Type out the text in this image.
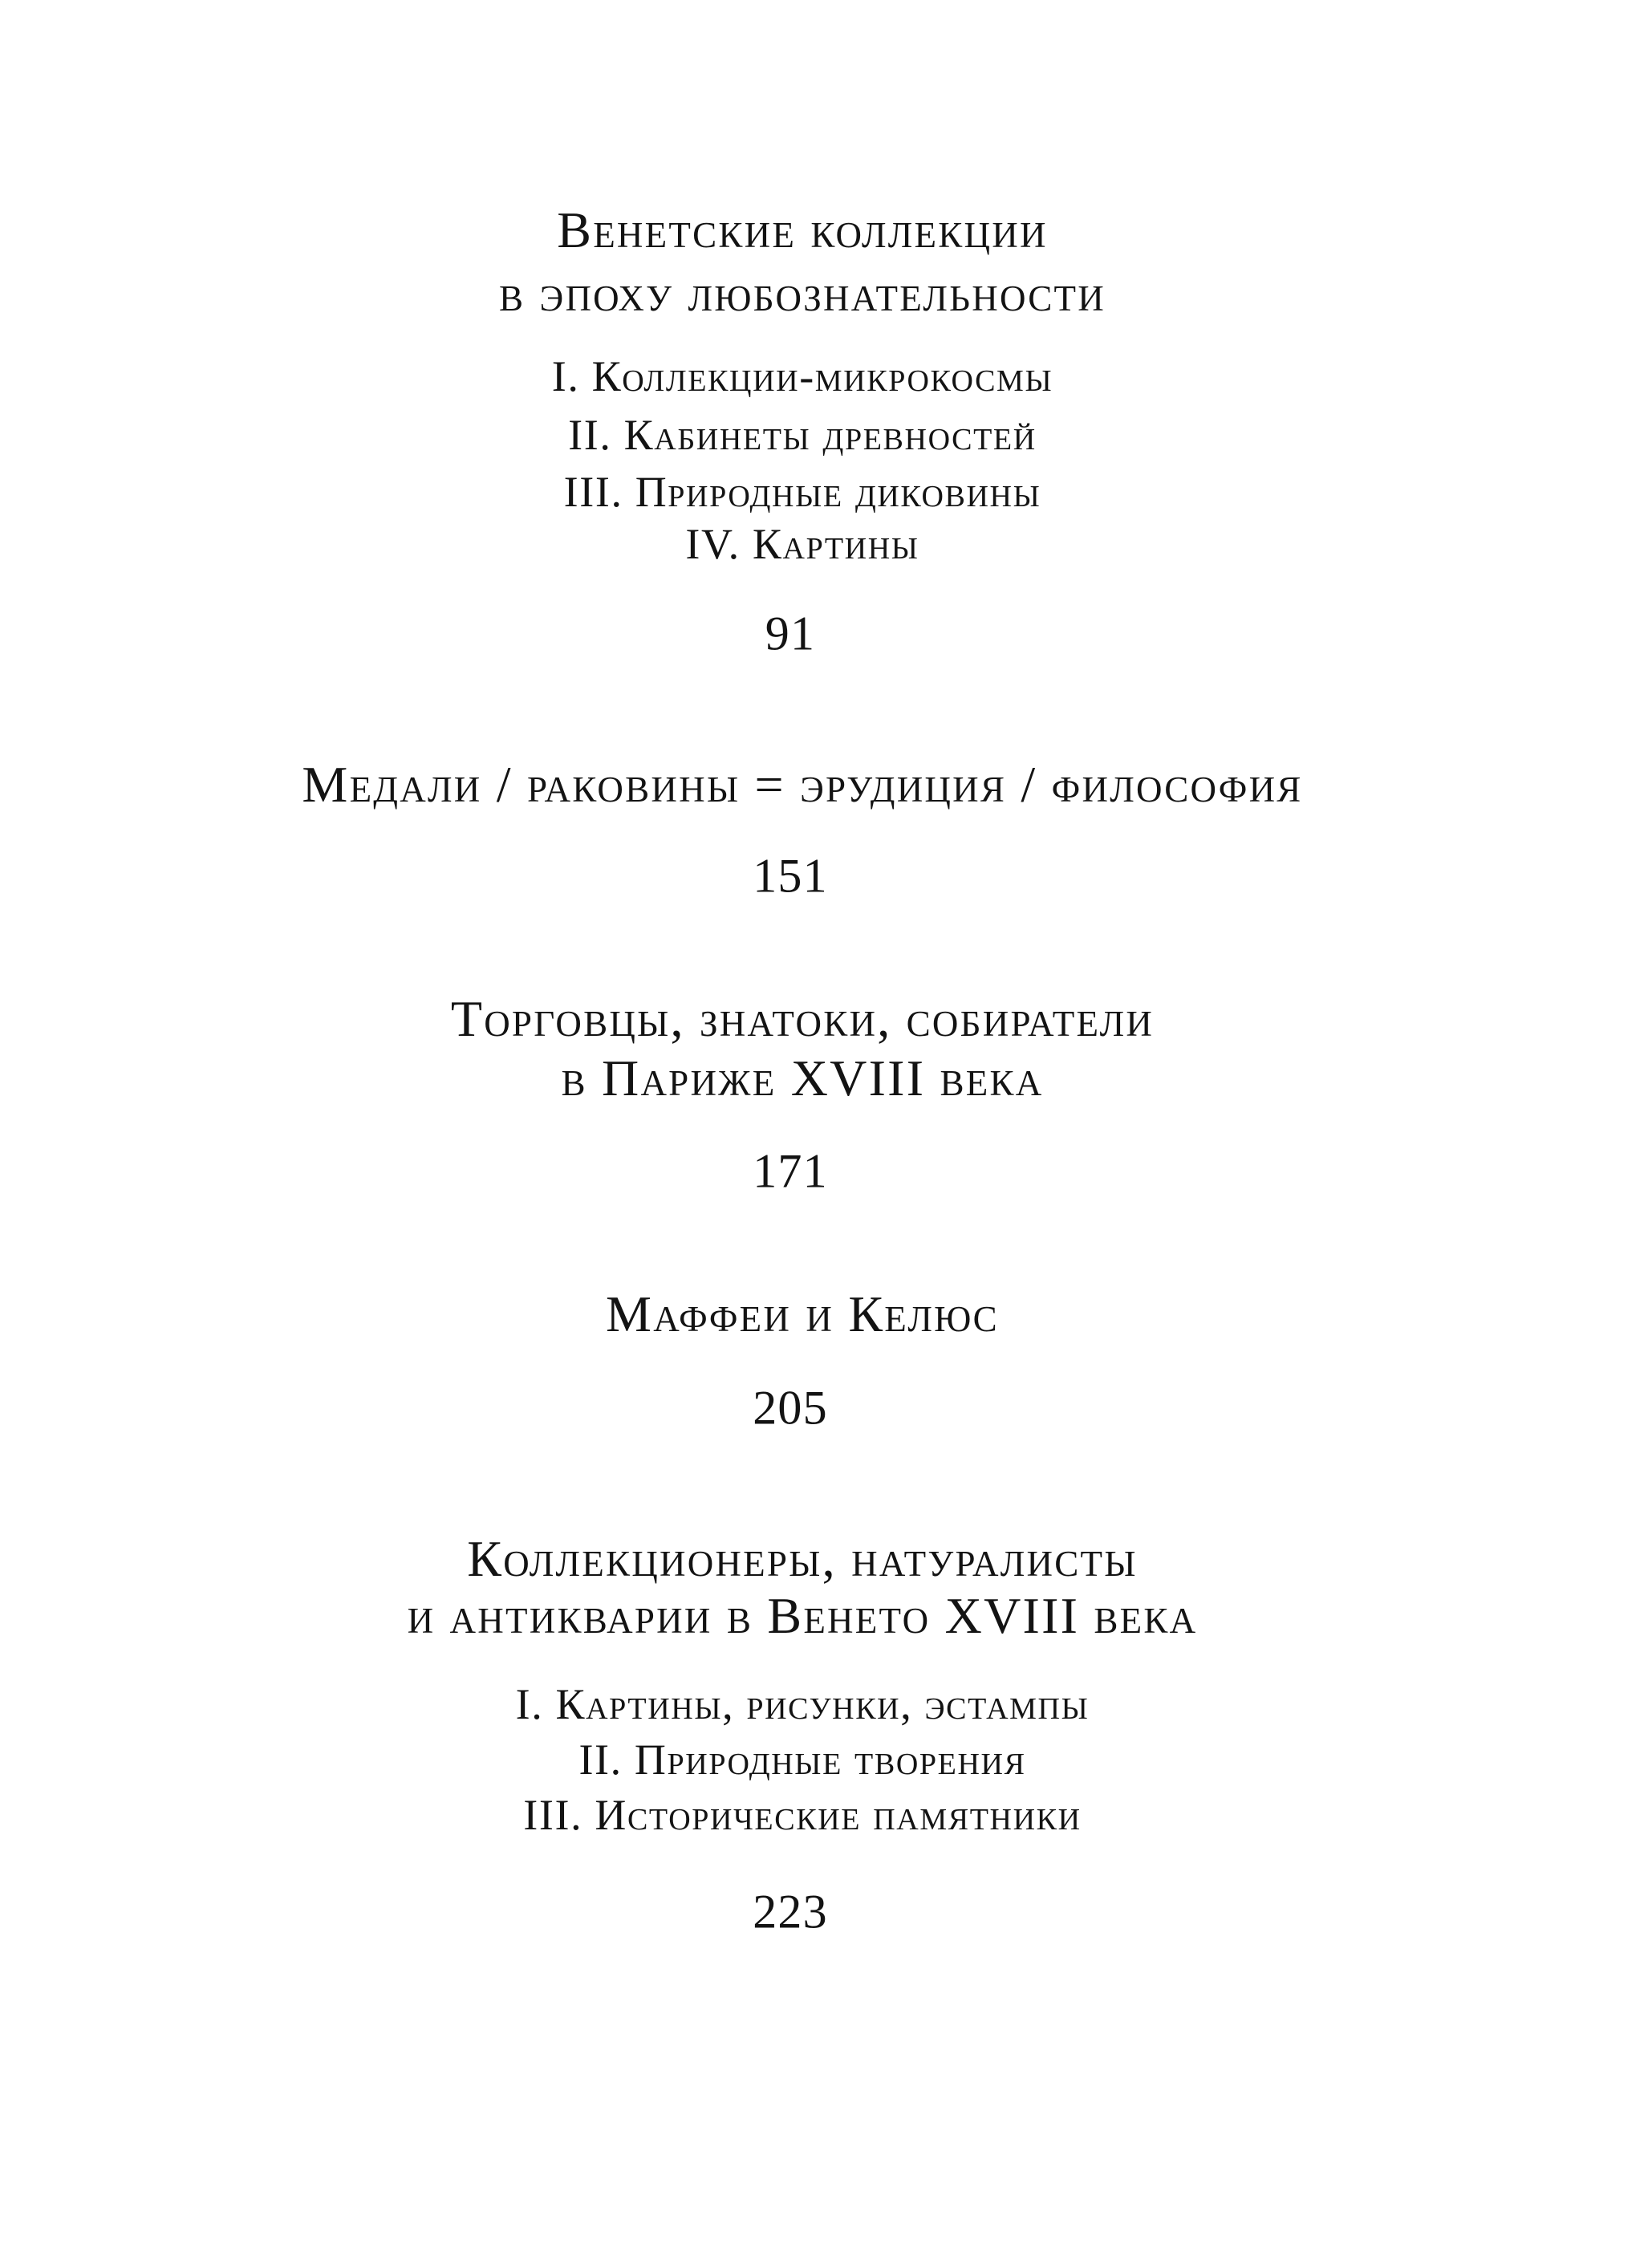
Венетские коллекции
в эпоху любознательности
I. Коллекции-микрокосмы
II. Кабинеты древностей
III. Природные диковины
IV. Картины
91
Медали / раковины = эрудиция / философия
151
Торговцы, знатоки, собиратели
в Париже XVIII века
171
Маффеи и Келюс
205
Коллекционеры, натуралисты
и антикварии в Венето XVIII века
I. Картины, рисунки, эстампы
II. Природные творения
III. Исторические памятники
223
